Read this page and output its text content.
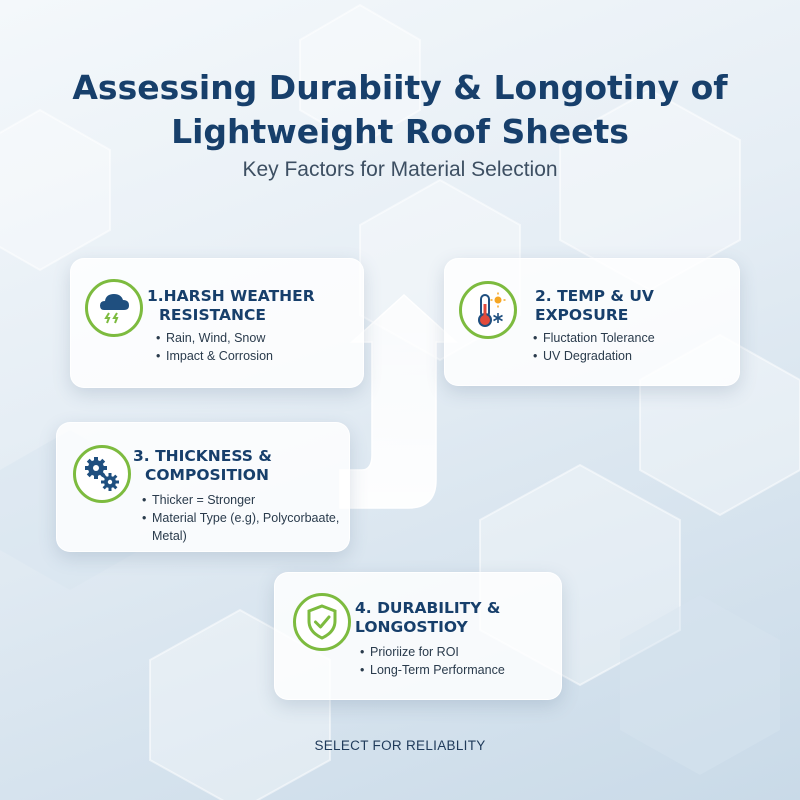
Assessing Durabiity & Longotiny of
Lightweight Roof Sheets
Key Factors for Material Selection
1.HARSH WEATHER
RESISTANCE
• Rain, Wind, Snow
• Impact & Corrosion
2. TEMP & UV
EXPOSURE
• Fluctation Tolerance
• UV Degradation
3. THICKNESS &
COMPOSITION
• Thicker = Stronger
• Material Type (e.g), Polycorbaate,
Metal)
4. DURABILITY &
LONGOSTIOY
• Prioriize for ROI
• Long-Term Performance
SELECT FOR RELIABLITY
